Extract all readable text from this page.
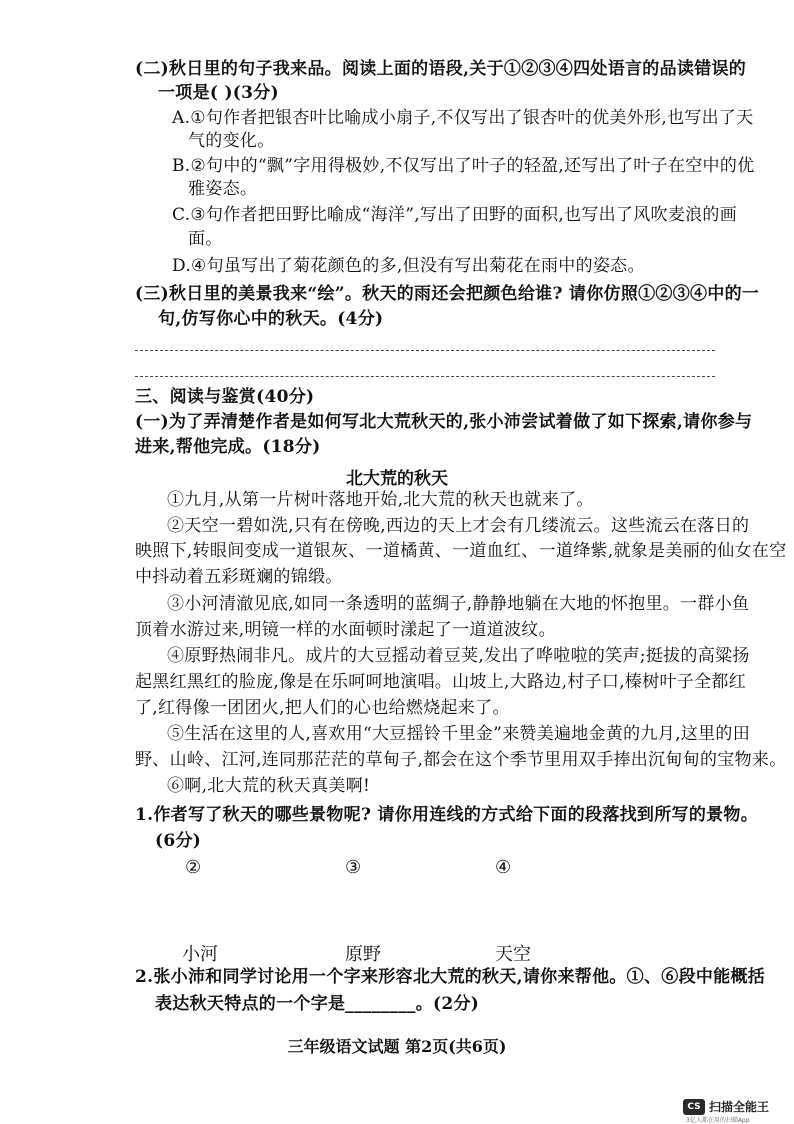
(二)秋日里的句子我来品。阅读上面的语段,关于①②③④四处语言的品读错误的
一项是( )(3分)
A.①句作者把银杏叶比喻成小扇子,不仅写出了银杏叶的优美外形,也写出了天
气的变化。
B.②句中的“飘”字用得极妙,不仅写出了叶子的轻盈,还写出了叶子在空中的优
雅姿态。
C.③句作者把田野比喻成“海洋”,写出了田野的面积,也写出了风吹麦浪的画
面。
D.④句虽写出了菊花颜色的多,但没有写出菊花在雨中的姿态。
(三)秋日里的美景我来“绘”。秋天的雨还会把颜色给谁? 请你仿照①②③④中的一
句,仿写你心中的秋天。(4分)
三、阅读与鉴赏(40分)
(一)为了弄清楚作者是如何写北大荒秋天的,张小沛尝试着做了如下探索,请你参与
进来,帮他完成。(18分)
北大荒的秋天
①九月,从第一片树叶落地开始,北大荒的秋天也就来了。
②天空一碧如洗,只有在傍晚,西边的天上才会有几缕流云。这些流云在落日的
映照下,转眼间变成一道银灰、一道橘黄、一道血红、一道绛紫,就象是美丽的仙女在空
中抖动着五彩斑斓的锦缎。
③小河清澈见底,如同一条透明的蓝绸子,静静地躺在大地的怀抱里。一群小鱼
顶着水游过来,明镜一样的水面顿时漾起了一道道波纹。
④原野热闹非凡。成片的大豆摇动着豆荚,发出了哗啦啦的笑声;挺拔的高粱扬
起黑红黑红的脸庞,像是在乐呵呵地演唱。山坡上,大路边,村子口,榛树叶子全都红
了,红得像一团团火,把人们的心也给燃烧起来了。
⑤生活在这里的人,喜欢用“大豆摇铃千里金”来赞美遍地金黄的九月,这里的田
野、山岭、江河,连同那茫茫的草甸子,都会在这个季节里用双手捧出沉甸甸的宝物来。
⑥啊,北大荒的秋天真美啊!
1.作者写了秋天的哪些景物呢? 请你用连线的方式给下面的段落找到所写的景物。
(6分)
②	③	④
小河	原野	天空
2.张小沛和同学讨论用一个字来形容北大荒的秋天,请你来帮他。①、⑥段中能概括
表达秋天特点的一个字是________。(2分)
三年级语文试题 第2页(共6页)
CS 扫描全能王
3亿人都在用的扫描App
